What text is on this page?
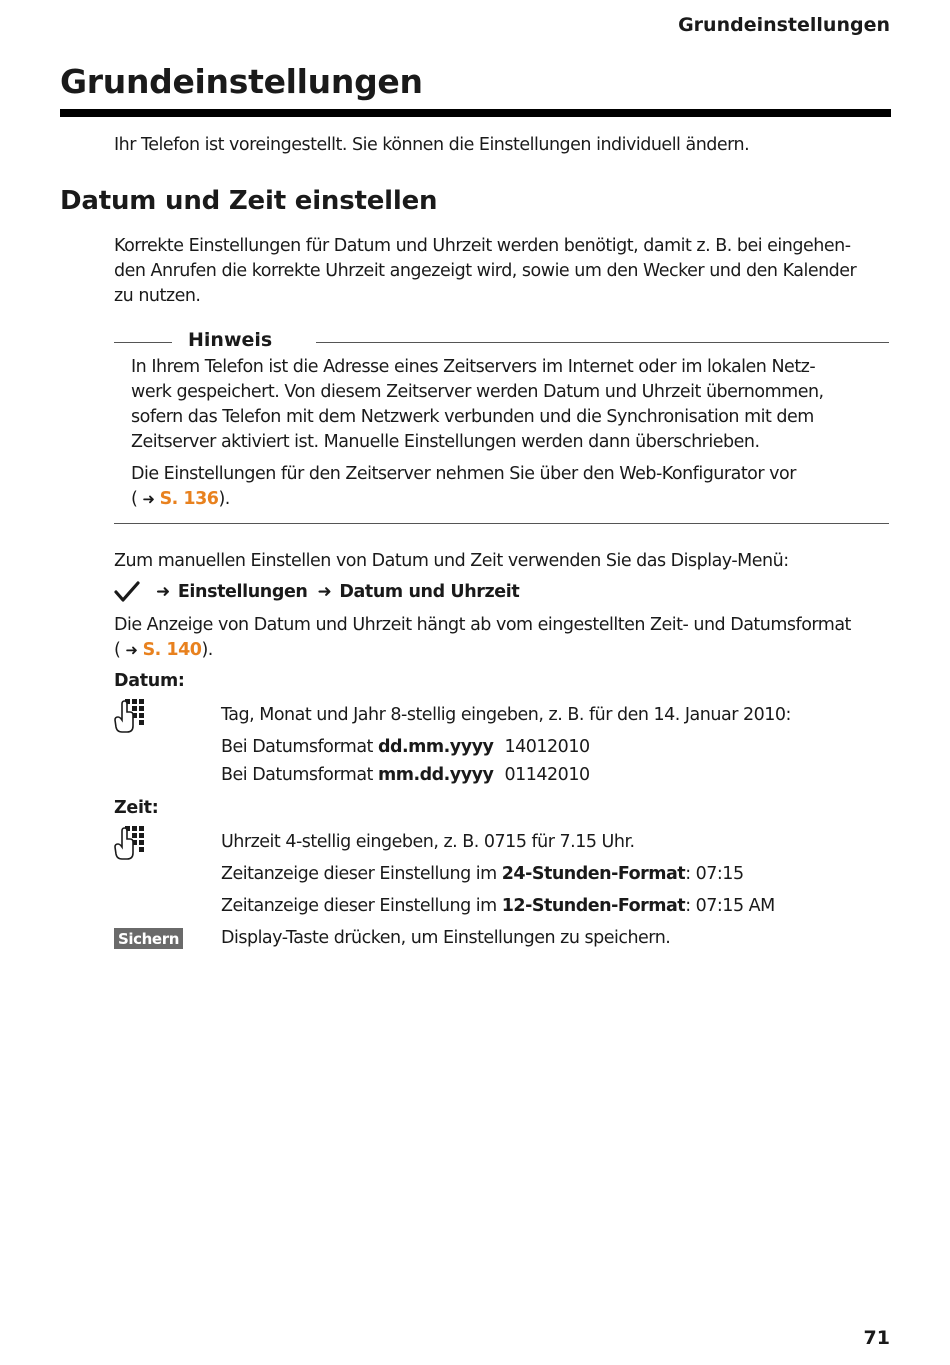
Grundeinstellungen
Grundeinstellungen

Ihr Telefon ist voreingestellt. Sie können die Einstellungen individuell ändern.

Datum und Zeit einstellen

Korrekte Einstellungen für Datum und Uhrzeit werden benötigt, damit z. B. bei eingehen-
den Anrufen die korrekte Uhrzeit angezeigt wird, sowie um den Wecker und den Kalender
zu nutzen.

Hinweis

In Ihrem Telefon ist die Adresse eines Zeitservers im Internet oder im lokalen Netz-
werk gespeichert. Von diesem Zeitserver werden Datum und Uhrzeit übernommen,
sofern das Telefon mit dem Netzwerk verbunden und die Synchronisation mit dem
Zeitserver aktiviert ist. Manuelle Einstellungen werden dann überschrieben.

Die Einstellungen für den Zeitserver nehmen Sie über den Web-Konfigurator vor
( ➜ S. 136).

Zum manuellen Einstellen von Datum und Zeit verwenden Sie das Display-Menü:

➜ Einstellungen ➜ Datum und Uhrzeit

Die Anzeige von Datum und Uhrzeit hängt ab vom eingestellten Zeit- und Datumsformat
( ➜ S. 140).

Datum:

Tag, Monat und Jahr 8-stellig eingeben, z. B. für den 14. Januar 2010:

Bei Datumsformat dd.mm.yyyy 14012010

Bei Datumsformat mm.dd.yyyy 01142010

Zeit:

Uhrzeit 4-stellig eingeben, z. B. 0715 für 7.15 Uhr.

Zeitanzeige dieser Einstellung im 24-Stunden-Format: 07:15

Zeitanzeige dieser Einstellung im 12-Stunden-Format: 07:15 AM

Sichern Display-Taste drücken, um Einstellungen zu speichern.

71
